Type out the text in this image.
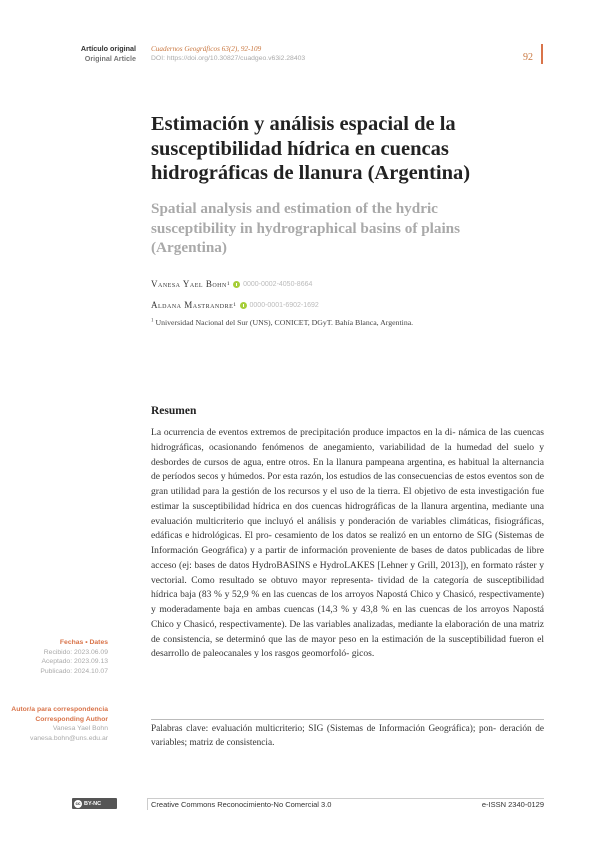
Artículo original
Original Article
Cuadernos Geográficos 63(2), 92-109
DOI: https://doi.org/10.30827/cuadgeo.v63i2.28403	92
Estimación y análisis espacial de la
susceptibilidad hídrica en cuencas
hidrográficas de llanura (Argentina)
Spatial analysis and estimation of the hydric
susceptibility in hydrographical basins of plains
(Argentina)
Vanesa Yael Bohn 1 0000-0002-4050-8664
Aldana Mastrandre 1 0000-0001-6902-1692
$^1$ Universidad Nacional del Sur (UNS), CONICET, DGyT. Bahía Blanca, Argentina.
Resumen

La ocurrencia de eventos extremos de precipitación produce impactos en la di- námica de las cuencas hidrográficas, ocasionando fenómenos de anegamiento, variabilidad de la humedad del suelo y desbordes de cursos de agua, entre otros. En la llanura pampeana argentina, es habitual la alternancia de períodos secos y húmedos. Por esta razón, los estudios de las consecuencias de estos eventos son de gran utilidad para la gestión de los recursos y el uso de la tierra. El objetivo de esta investigación fue estimar la susceptibilidad hídrica en dos cuencas hidrográficas de la llanura argentina, mediante una evaluación multicriterio que incluyó el análisis y ponderación de variables climáticas, fisiográficas, edáficas e hidrológicas. El pro- cesamiento de los datos se realizó en un entorno de SIG (Sistemas de Información Geográfica) y a partir de información proveniente de bases de datos publicadas de libre acceso (ej: bases de datos HydroBASINS e HydroLAKES [Lehner y Grill, 2013]), en formato ráster y vectorial. Como resultado se obtuvo mayor representa- tividad de la categoría de susceptibilidad hídrica baja (83 % y 52,9 % en las cuencas de los arroyos Napostá Chico y Chasicó, respectivamente) y moderadamente baja en ambas cuencas (14,3 % y 43,8 % en las cuencas de los arroyos Napostá Chico y Chasicó, respectivamente). De las variables analizadas, mediante la elaboración de una matriz de consistencia, se determinó que las de mayor peso en la estimación de la susceptibilidad fueron el desarrollo de paleocanales y los rasgos geomorfoló- gicos.

Palabras clave: evaluación multicriterio; SIG (Sistemas de Información Geográfica); pon- deración de variables; matriz de consistencia.

Fechas • Dates
Recibido: 2023.06.09
Aceptado: 2023.09.13
Publicado: 2024.10.07
Autor/a para correspondencia
Corresponding Author
Vanesa Yael Bohn
vanesa.bohn@uns.edu.ar
cc BY-NC	Creative Commons Reconocimiento-No Comercial 3.0	e-ISSN 2340-0129
